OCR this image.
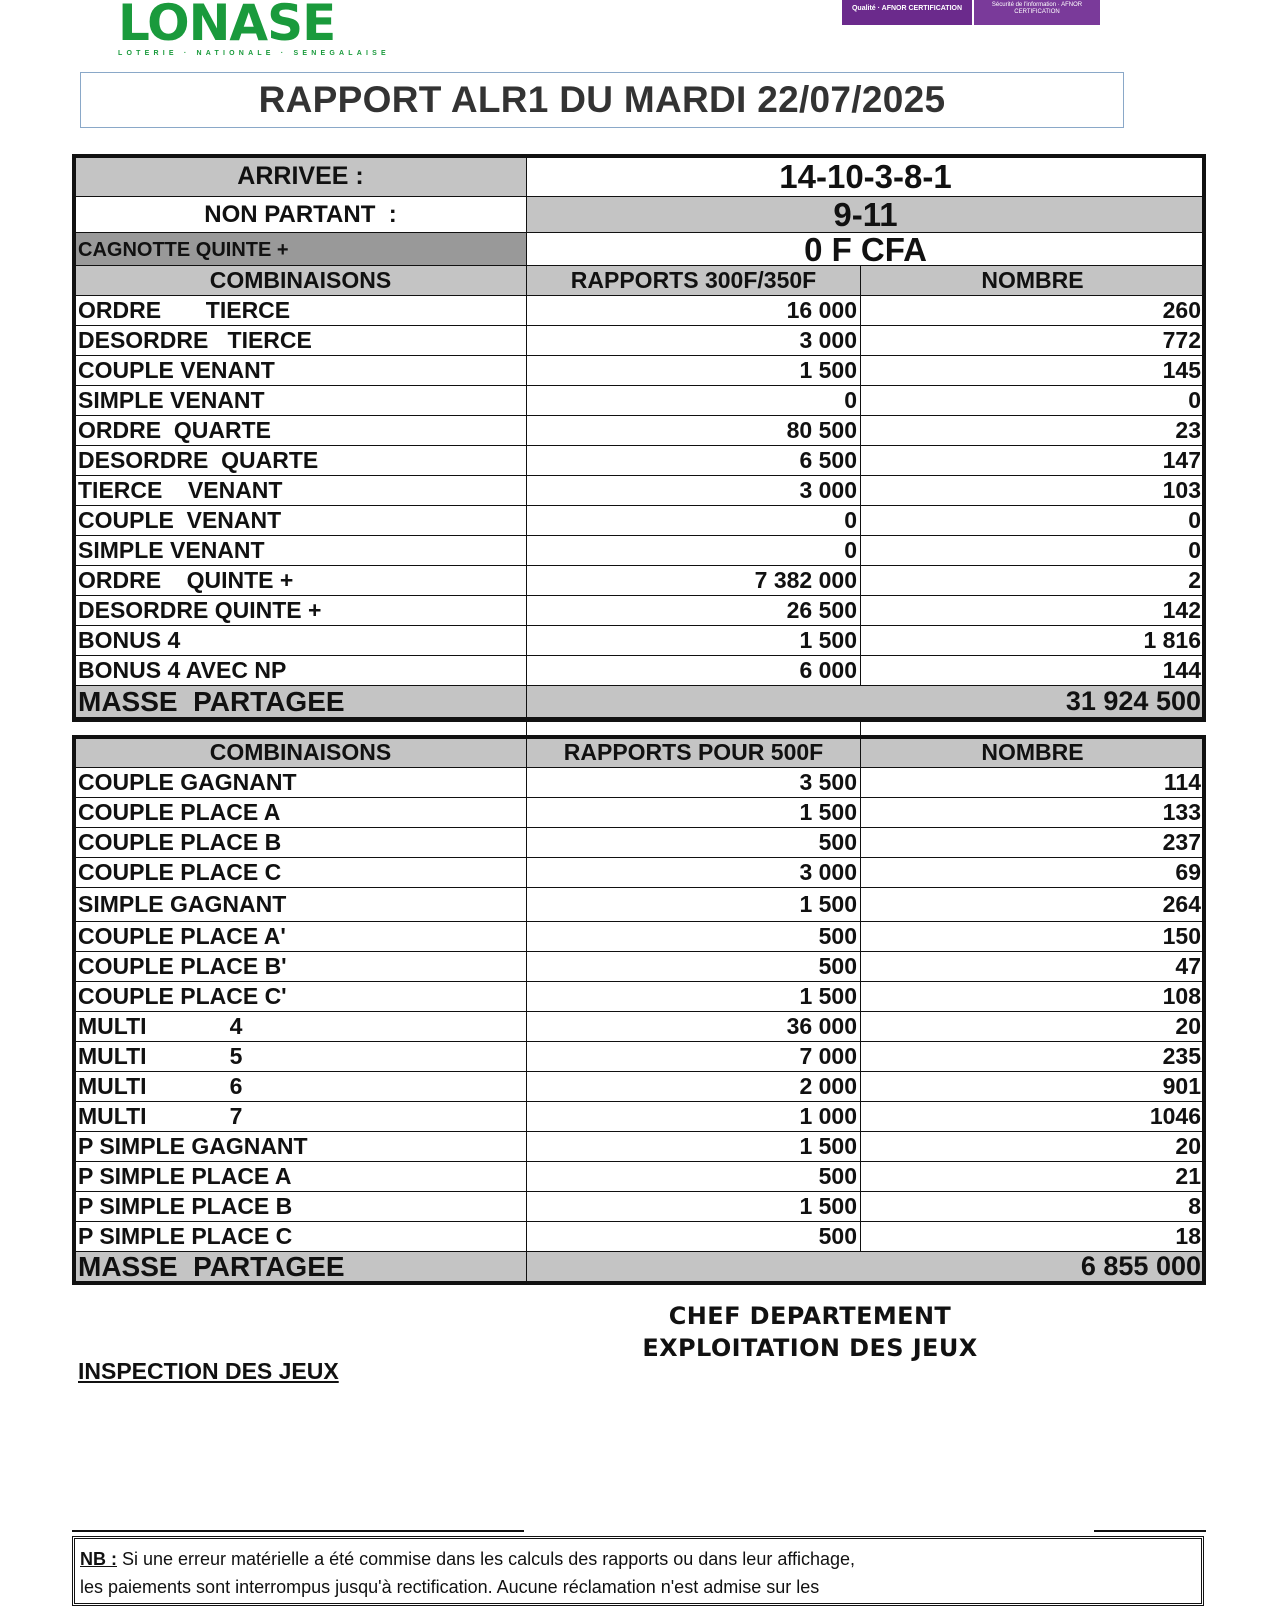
LONASE
LOTERIE · NATIONALE · SENEGALAISE
Qualité · AFNOR CERTIFICATION	Sécurité de l'information · AFNOR CERTIFICATION
RAPPORT ALR1 DU MARDI 22/07/2025
ARRIVEE :	14-10-3-8-1
NON PARTANT  :	9-11
CAGNOTTE QUINTE +	0 F CFA
COMBINAISONS	RAPPORTS 300F/350F	NOMBRE
ORDRE       TIERCE	16 000	260
DESORDRE   TIERCE	3 000	772
COUPLE VENANT	1 500	145
SIMPLE VENANT	0	0
ORDRE  QUARTE	80 500	23
DESORDRE  QUARTE	6 500	147
TIERCE    VENANT	3 000	103
COUPLE  VENANT	0	0
SIMPLE VENANT	0	0
ORDRE    QUINTE +	7 382 000	2
DESORDRE QUINTE +	26 500	142
BONUS 4	1 500	1 816
BONUS 4 AVEC NP	6 000	144
MASSE  PARTAGEE	31 924 500	

COMBINAISONS	RAPPORTS POUR 500F	NOMBRE
COUPLE GAGNANT	3 500	114
COUPLE PLACE A	1 500	133
COUPLE PLACE B	500	237
COUPLE PLACE C	3 000	69
SIMPLE GAGNANT	1 500	264
COUPLE PLACE A'	500	150
COUPLE PLACE B'	500	47
COUPLE PLACE C'	1 500	108
MULTI             4	36 000	20
MULTI             5	7 000	235
MULTI             6	2 000	901
MULTI             7	1 000	1046
P SIMPLE GAGNANT	1 500	20
P SIMPLE PLACE A	500	21
P SIMPLE PLACE B	1 500	8
P SIMPLE PLACE C	500	18
MASSE  PARTAGEE	6 855 000	
CHEF DEPARTEMENT
EXPLOITATION DES JEUX
INSPECTION DES JEUX
NB : Si une erreur matérielle a été commise dans les calculs des rapports ou dans leur affichage,
les paiements sont interrompus jusqu'à rectification. Aucune réclamation n'est admise sur les
